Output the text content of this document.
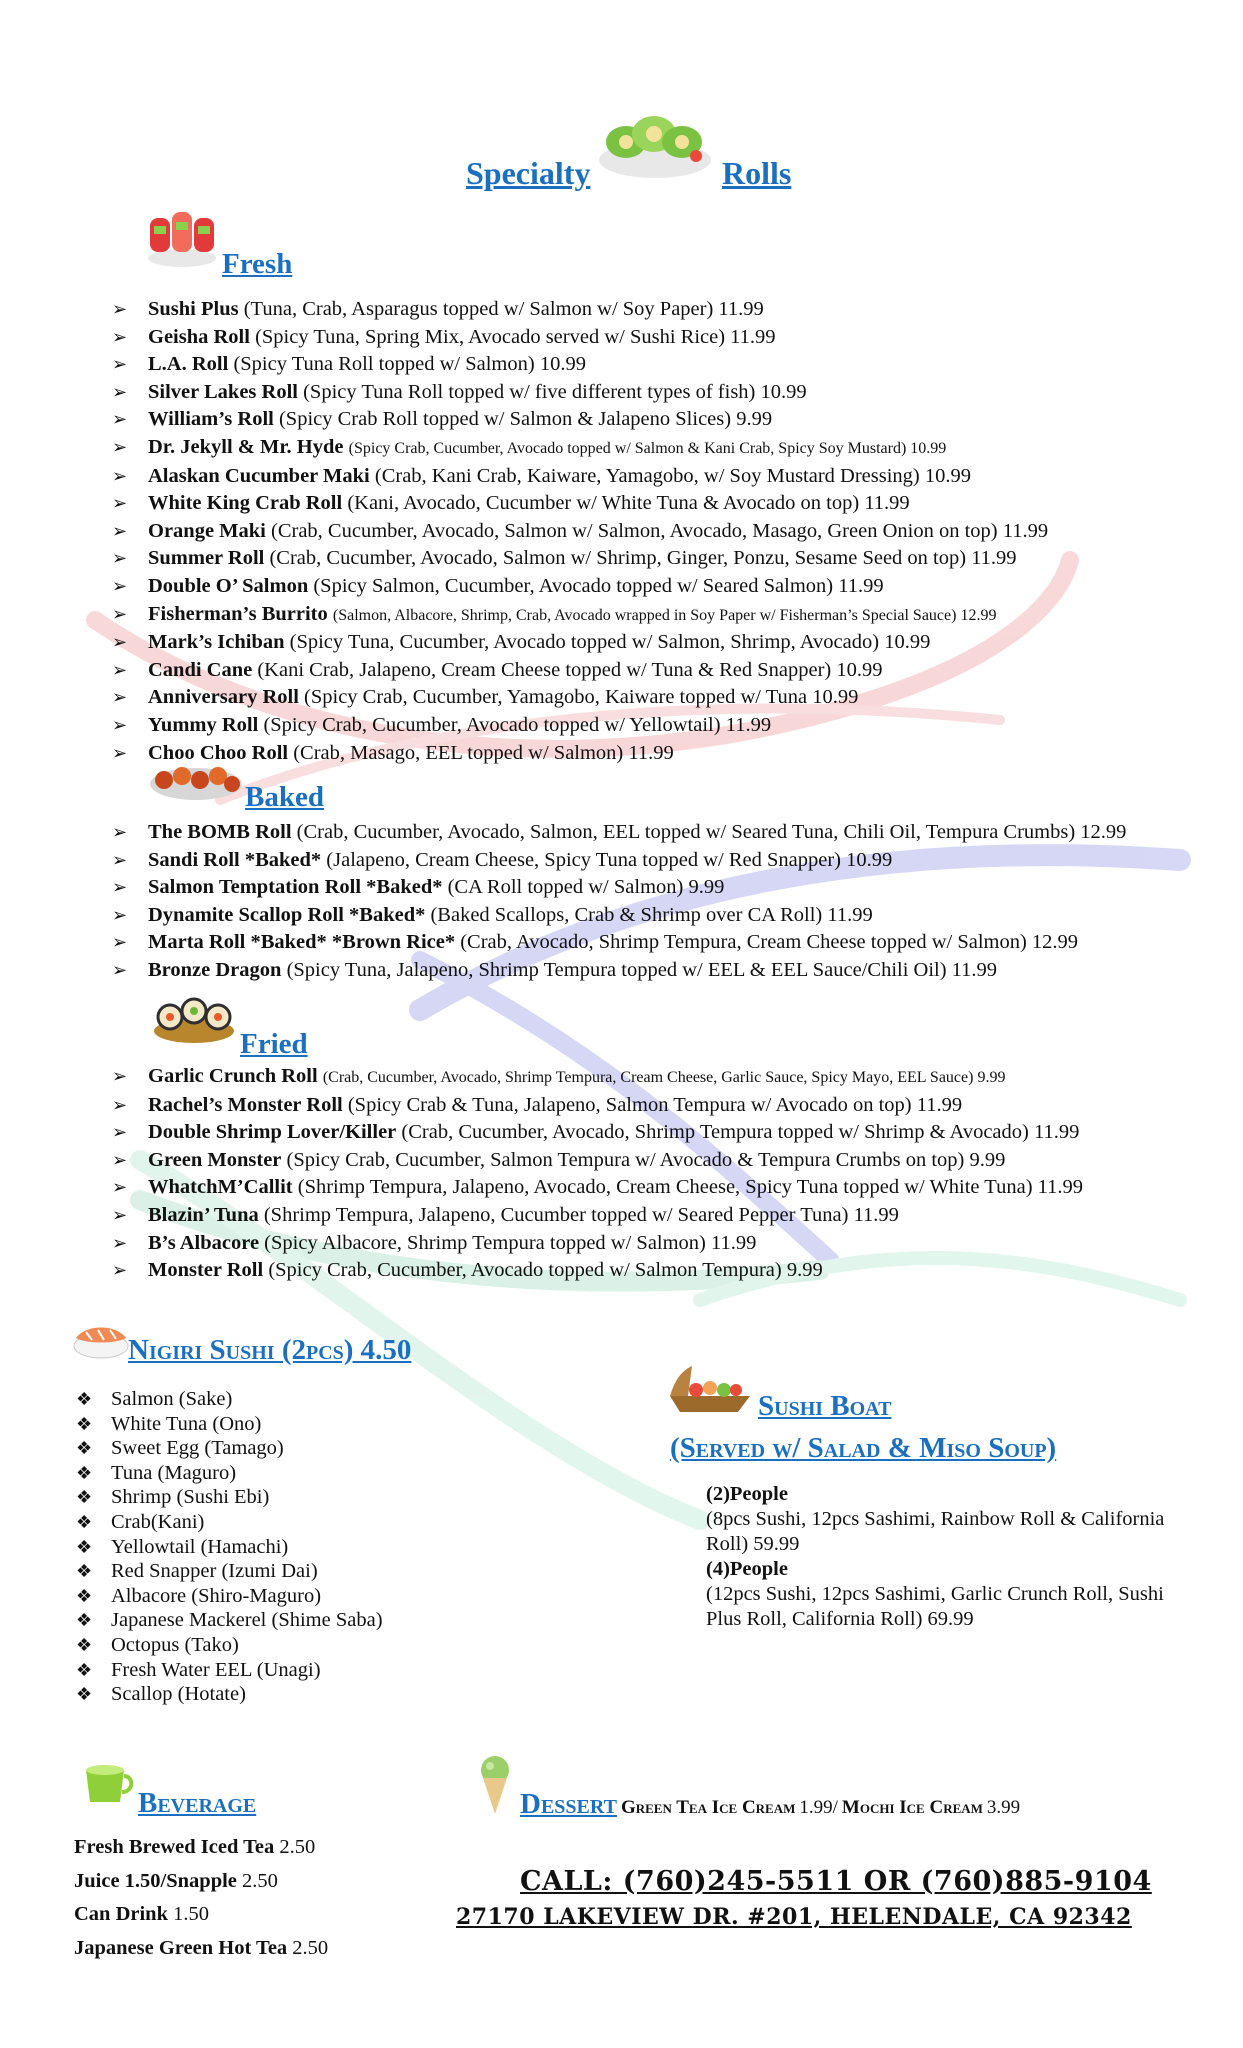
Specialty	Rolls
Fresh
➢ Sushi Plus (Tuna, Crab, Asparagus topped w/ Salmon w/ Soy Paper) 11.99
➢ Geisha Roll (Spicy Tuna, Spring Mix, Avocado served w/ Sushi Rice) 11.99
➢ L.A. Roll (Spicy Tuna Roll topped w/ Salmon) 10.99
➢ Silver Lakes Roll (Spicy Tuna Roll topped w/ five different types of fish) 10.99
➢ William’s Roll (Spicy Crab Roll topped w/ Salmon & Jalapeno Slices) 9.99
➢ Dr. Jekyll & Mr. Hyde (Spicy Crab, Cucumber, Avocado topped w/ Salmon & Kani Crab, Spicy Soy Mustard) 10.99
➢ Alaskan Cucumber Maki (Crab, Kani Crab, Kaiware, Yamagobo, w/ Soy Mustard Dressing) 10.99
➢ White King Crab Roll (Kani, Avocado, Cucumber w/ White Tuna & Avocado on top) 11.99
➢ Orange Maki (Crab, Cucumber, Avocado, Salmon w/ Salmon, Avocado, Masago, Green Onion on top) 11.99
➢ Summer Roll (Crab, Cucumber, Avocado, Salmon w/ Shrimp, Ginger, Ponzu, Sesame Seed on top) 11.99
➢ Double O’ Salmon (Spicy Salmon, Cucumber, Avocado topped w/ Seared Salmon) 11.99
➢ Fisherman’s Burrito (Salmon, Albacore, Shrimp, Crab, Avocado wrapped in Soy Paper w/ Fisherman’s Special Sauce) 12.99
➢ Mark’s Ichiban (Spicy Tuna, Cucumber, Avocado topped w/ Salmon, Shrimp, Avocado) 10.99
➢ Candi Cane (Kani Crab, Jalapeno, Cream Cheese topped w/ Tuna & Red Snapper) 10.99
➢ Anniversary Roll (Spicy Crab, Cucumber, Yamagobo, Kaiware topped w/ Tuna 10.99
➢ Yummy Roll (Spicy Crab, Cucumber, Avocado topped w/ Yellowtail) 11.99
➢ Choo Choo Roll (Crab, Masago, EEL topped w/ Salmon) 11.99
Baked
➢ The BOMB Roll (Crab, Cucumber, Avocado, Salmon, EEL topped w/ Seared Tuna, Chili Oil, Tempura Crumbs) 12.99
➢ Sandi Roll *Baked* (Jalapeno, Cream Cheese, Spicy Tuna topped w/ Red Snapper) 10.99
➢ Salmon Temptation Roll *Baked* (CA Roll topped w/ Salmon) 9.99
➢ Dynamite Scallop Roll *Baked* (Baked Scallops, Crab & Shrimp over CA Roll) 11.99
➢ Marta Roll *Baked* *Brown Rice* (Crab, Avocado, Shrimp Tempura, Cream Cheese topped w/ Salmon) 12.99
➢ Bronze Dragon (Spicy Tuna, Jalapeno, Shrimp Tempura topped w/ EEL & EEL Sauce/Chili Oil) 11.99
Fried
➢ Garlic Crunch Roll (Crab, Cucumber, Avocado, Shrimp Tempura, Cream Cheese, Garlic Sauce, Spicy Mayo, EEL Sauce) 9.99
➢ Rachel’s Monster Roll (Spicy Crab & Tuna, Jalapeno, Salmon Tempura w/ Avocado on top) 11.99
➢ Double Shrimp Lover/Killer (Crab, Cucumber, Avocado, Shrimp Tempura topped w/ Shrimp & Avocado) 11.99
➢ Green Monster (Spicy Crab, Cucumber, Salmon Tempura w/ Avocado & Tempura Crumbs on top) 9.99
➢ WhatchM’Callit (Shrimp Tempura, Jalapeno, Avocado, Cream Cheese, Spicy Tuna topped w/ White Tuna) 11.99
➢ Blazin’ Tuna (Shrimp Tempura, Jalapeno, Cucumber topped w/ Seared Pepper Tuna) 11.99
➢ B’s Albacore (Spicy Albacore, Shrimp Tempura topped w/ Salmon) 11.99
➢ Monster Roll (Spicy Crab, Cucumber, Avocado topped w/ Salmon Tempura) 9.99
Nigiri Sushi (2pcs) 4.50
❖ Salmon (Sake)
❖ White Tuna (Ono)
❖ Sweet Egg (Tamago)
❖ Tuna (Maguro)
❖ Shrimp (Sushi Ebi)
❖ Crab(Kani)
❖ Yellowtail (Hamachi)
❖ Red Snapper (Izumi Dai)
❖ Albacore (Shiro-Maguro)
❖ Japanese Mackerel (Shime Saba)
❖ Octopus (Tako)
❖ Fresh Water EEL (Unagi)
❖ Scallop (Hotate)
Sushi Boat
(Served w/ Salad & Miso Soup)
(2)People
(8pcs Sushi, 12pcs Sashimi, Rainbow Roll & California Roll) 59.99
(4)People
(12pcs Sushi, 12pcs Sashimi, Garlic Crunch Roll, Sushi Plus Roll, California Roll) 69.99
Beverage
Fresh Brewed Iced Tea 2.50
Juice 1.50/Snapple 2.50
Can Drink 1.50
Japanese Green Hot Tea 2.50
Dessert Green Tea Ice Cream 1.99/ Mochi Ice Cream 3.99
CALL: (760)245-5511 OR (760)885-9104
27170 LAKEVIEW DR. #201, HELENDALE, CA 92342
